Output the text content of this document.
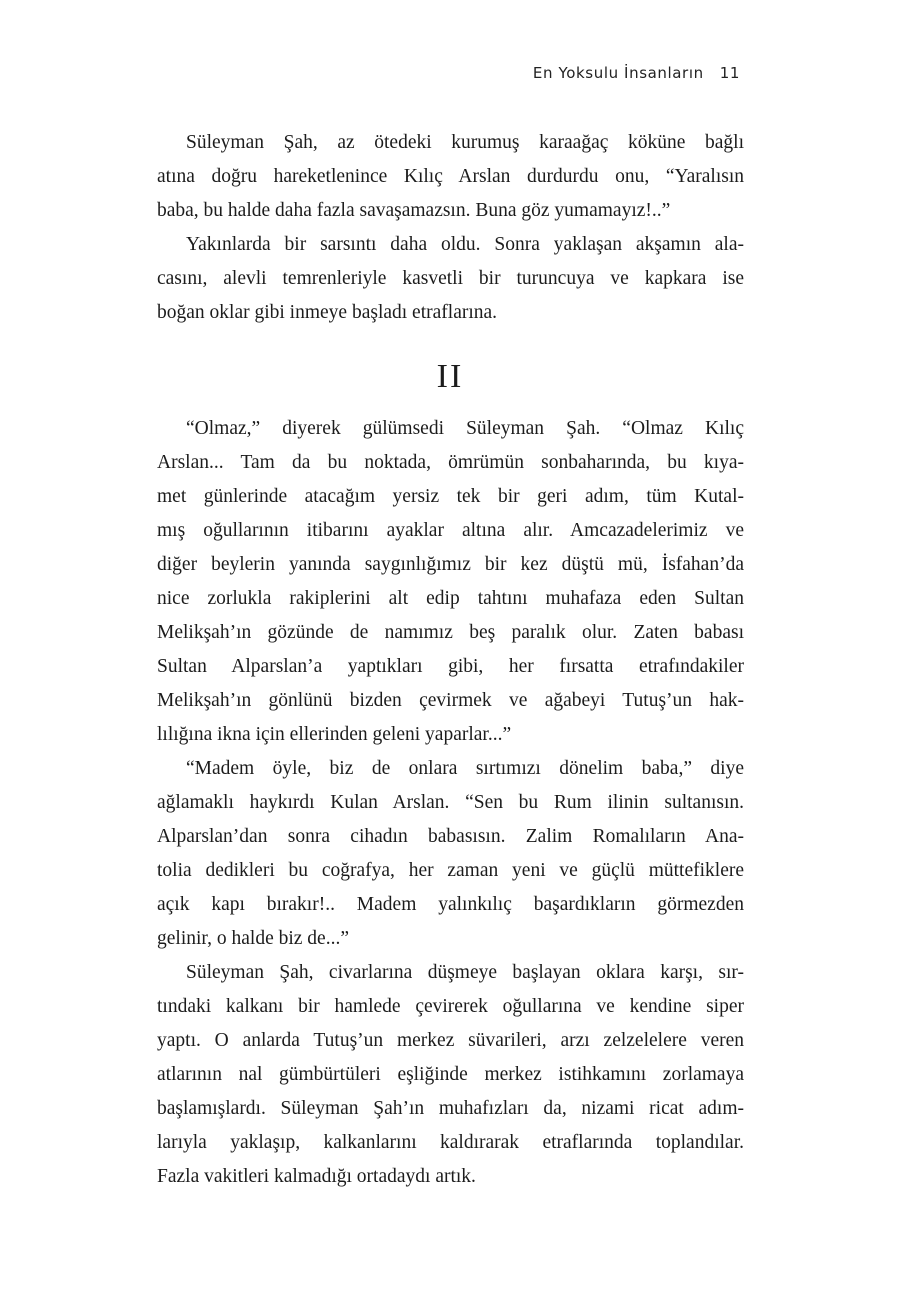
En Yoksulu İnsanların 11
Süleyman Şah, az ötedeki kurumuş karaağaç köküne bağlı
atına doğru hareketlenince Kılıç Arslan durdurdu onu, “Yaralısın
baba, bu halde daha fazla savaşamazsın. Buna göz yumamayız!..”
Yakınlarda bir sarsıntı daha oldu. Sonra yaklaşan akşamın ala-
casını, alevli temrenleriyle kasvetli bir turuncuya ve kapkara ise
boğan oklar gibi inmeye başladı etraflarına.
II
“Olmaz,” diyerek gülümsedi Süleyman Şah. “Olmaz Kılıç
Arslan... Tam da bu noktada, ömrümün sonbaharında, bu kıya-
met günlerinde atacağım yersiz tek bir geri adım, tüm Kutal-
mış oğullarının itibarını ayaklar altına alır. Amcazadelerimiz ve
diğer beylerin yanında saygınlığımız bir kez düştü mü, İsfahan’da
nice zorlukla rakiplerini alt edip tahtını muhafaza eden Sultan
Melikşah’ın gözünde de namımız beş paralık olur. Zaten babası
Sultan Alparslan’a yaptıkları gibi, her fırsatta etrafındakiler
Melikşah’ın gönlünü bizden çevirmek ve ağabeyi Tutuş’un hak-
lılığına ikna için ellerinden geleni yaparlar...”
“Madem öyle, biz de onlara sırtımızı dönelim baba,” diye
ağlamaklı haykırdı Kulan Arslan. “Sen bu Rum ilinin sultanısın.
Alparslan’dan sonra cihadın babasısın. Zalim Romalıların Ana-
tolia dedikleri bu coğrafya, her zaman yeni ve güçlü müttefiklere
açık kapı bırakır!.. Madem yalınkılıç başardıkların görmezden
gelinir, o halde biz de...”
Süleyman Şah, civarlarına düşmeye başlayan oklara karşı, sır-
tındaki kalkanı bir hamlede çevirerek oğullarına ve kendine siper
yaptı. O anlarda Tutuş’un merkez süvarileri, arzı zelzelelere veren
atlarının nal gümbürtüleri eşliğinde merkez istihkamını zorlamaya
başlamışlardı. Süleyman Şah’ın muhafızları da, nizami ricat adım-
larıyla yaklaşıp, kalkanlarını kaldırarak etraflarında toplandılar.
Fazla vakitleri kalmadığı ortadaydı artık.
